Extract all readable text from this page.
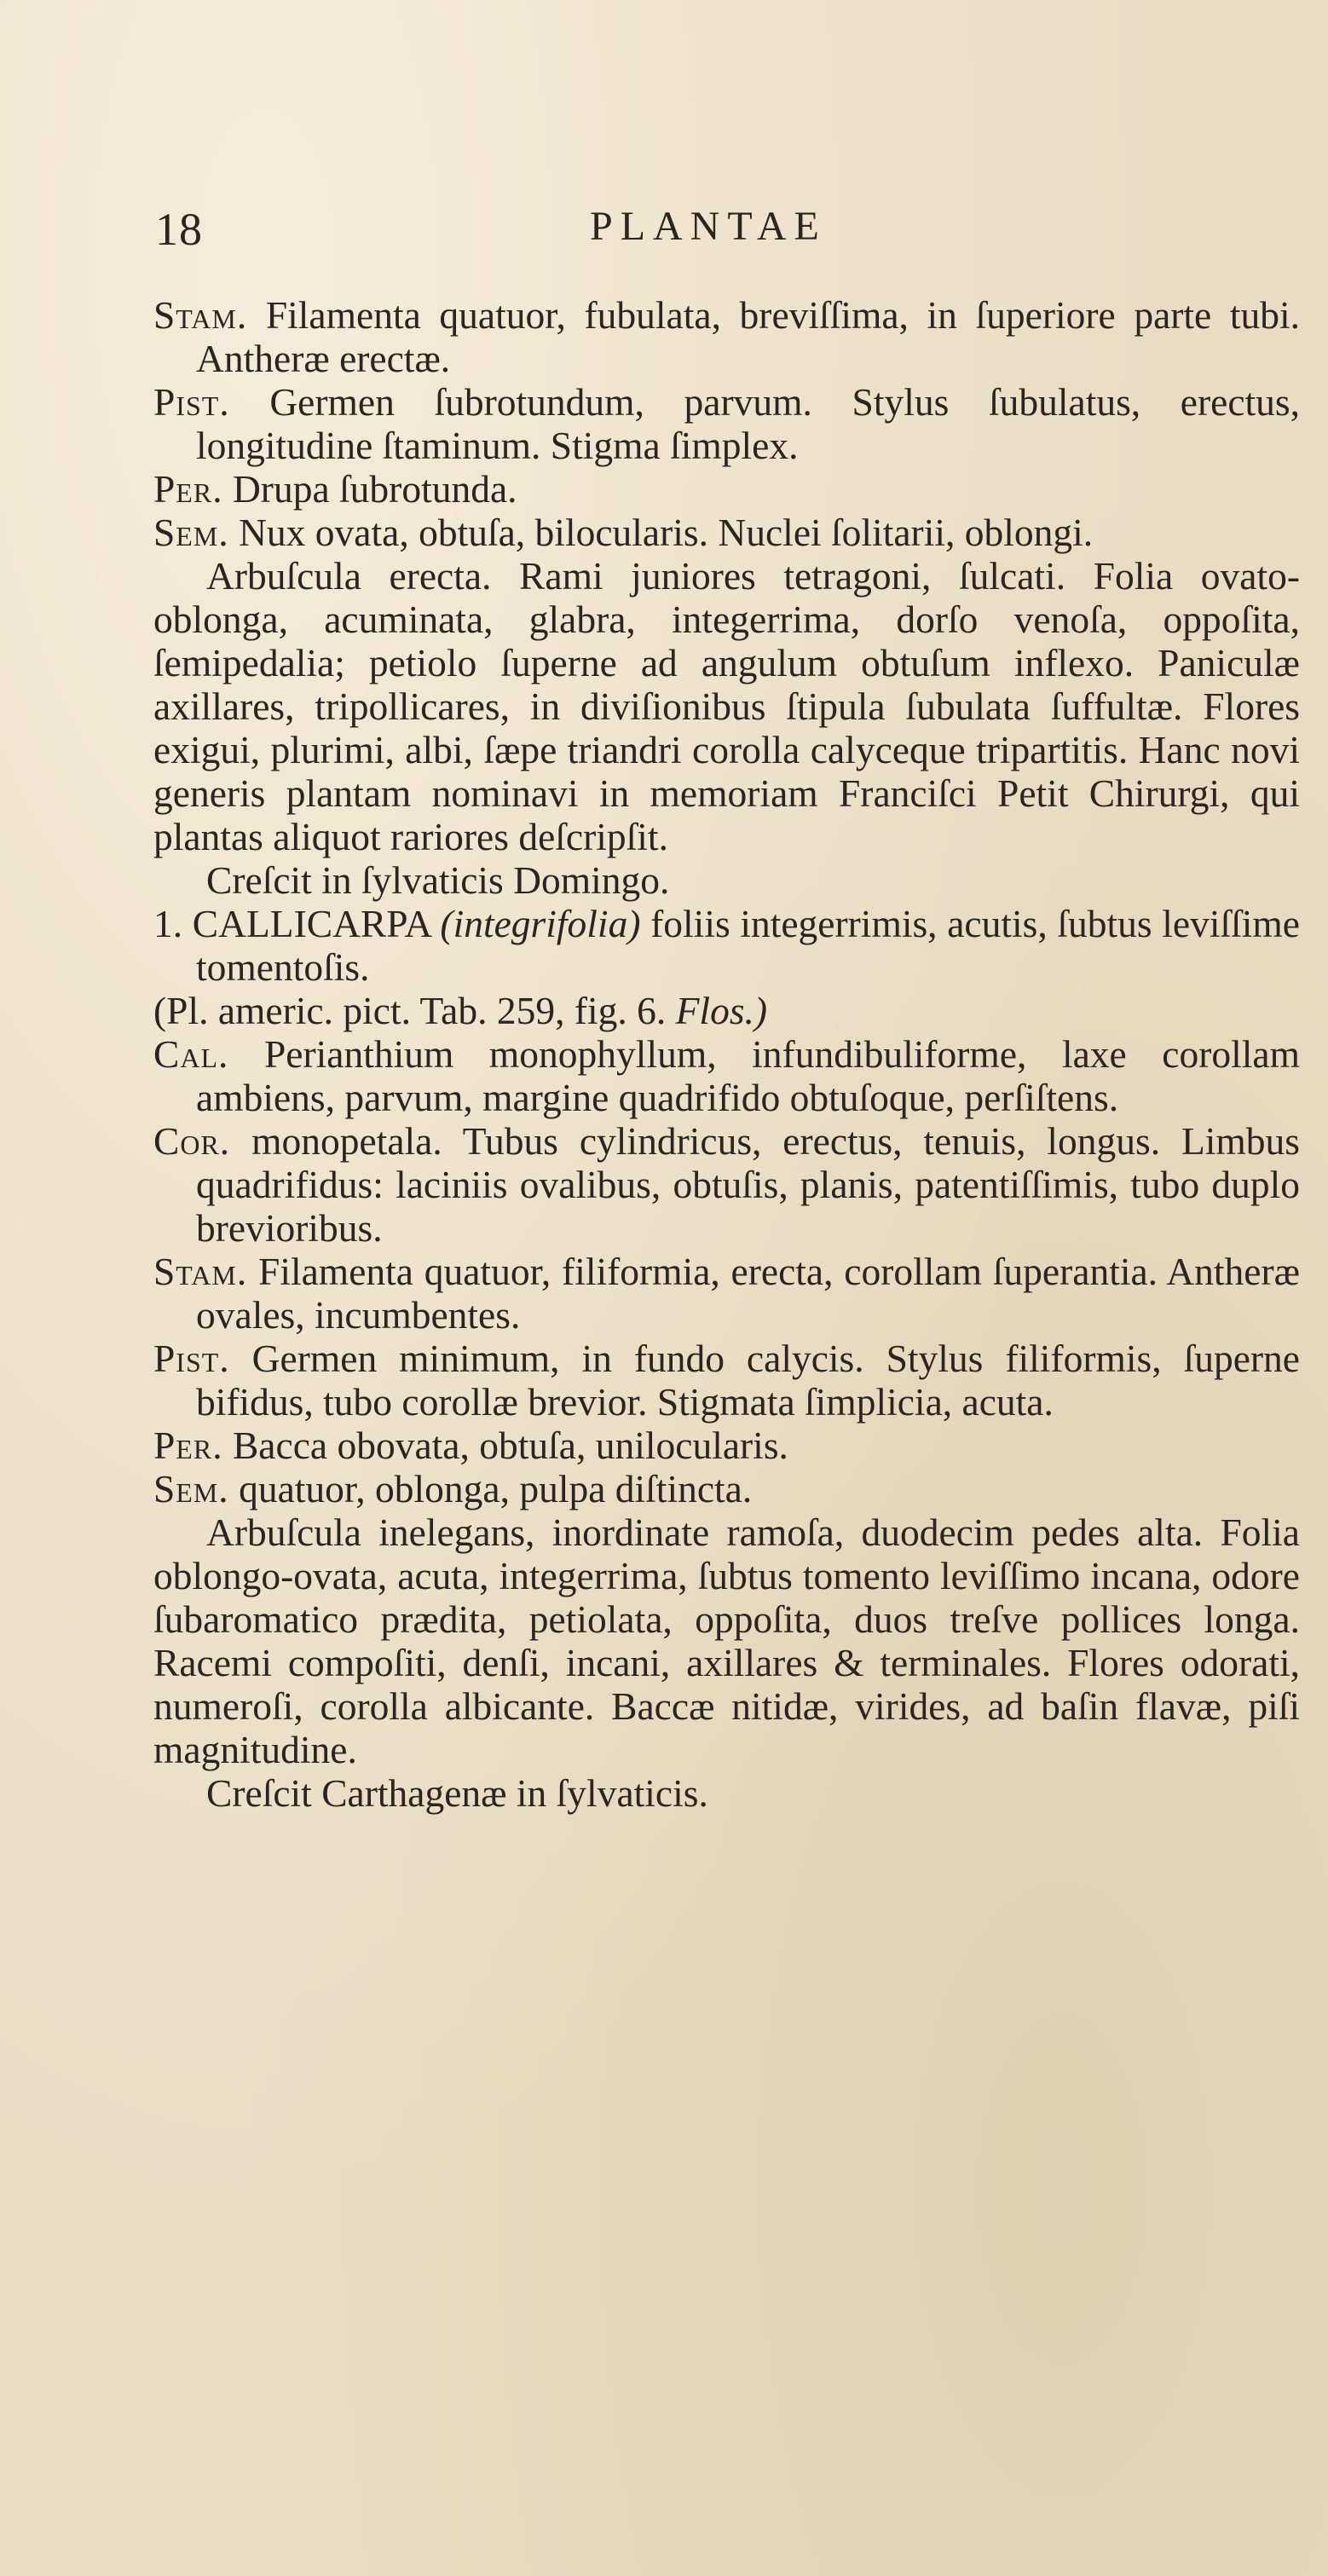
18	PLANTAE

Stam. Filamenta quatuor, fubulata, breviſſima, in ſuperiore parte tubi. Antheræ erectæ.

Pist. Germen ſubrotundum, parvum. Stylus ſubulatus, erectus, longitudine ſtaminum. Stigma ſimplex.

Per. Drupa ſubrotunda.

Sem. Nux ovata, obtuſa, bilocularis. Nuclei ſolitarii, oblongi.

Arbuſcula erecta. Rami juniores tetragoni, ſulcati. Folia ovato-oblonga, acuminata, glabra, integerrima, dorſo venoſa, oppoſita, ſemipedalia; petiolo ſuperne ad angulum obtuſum inflexo. Paniculæ axillares, tripollicares, in diviſionibus ſtipula ſubulata ſuffultæ. Flores exigui, plurimi, albi, ſæpe triandri corolla calyceque tripartitis. Hanc novi generis plantam nominavi in memoriam Franciſci Petit Chirurgi, qui plantas aliquot rariores deſcripſit.

Creſcit in ſylvaticis Domingo.

1. CALLICARPA (integrifolia) foliis integerrimis, acutis, ſubtus leviſſime tomentoſis.

(Pl. americ. pict. Tab. 259, fig. 6. Flos.)

Cal. Perianthium monophyllum, infundibuliforme, laxe corollam ambiens, parvum, margine quadrifido obtuſoque, perſiſtens.

Cor. monopetala. Tubus cylindricus, erectus, tenuis, longus. Limbus quadrifidus: laciniis ovalibus, obtuſis, planis, patentiſſimis, tubo duplo brevioribus.

Stam. Filamenta quatuor, filiformia, erecta, corollam ſuperantia. Antheræ ovales, incumbentes.

Pist. Germen minimum, in fundo calycis. Stylus filiformis, ſuperne bifidus, tubo corollæ brevior. Stigmata ſimplicia, acuta.

Per. Bacca obovata, obtuſa, unilocularis.

Sem. quatuor, oblonga, pulpa diſtincta.

Arbuſcula inelegans, inordinate ramoſa, duodecim pedes alta. Folia oblongo-ovata, acuta, integerrima, ſubtus tomento leviſſimo incana, odore ſubaromatico prædita, petiolata, oppoſita, duos treſve pollices longa. Racemi compoſiti, denſi, incani, axillares & terminales. Flores odorati, numeroſi, corolla albicante. Baccæ nitidæ, virides, ad baſin flavæ, piſi magnitudine.

Creſcit Carthagenæ in ſylvaticis.
